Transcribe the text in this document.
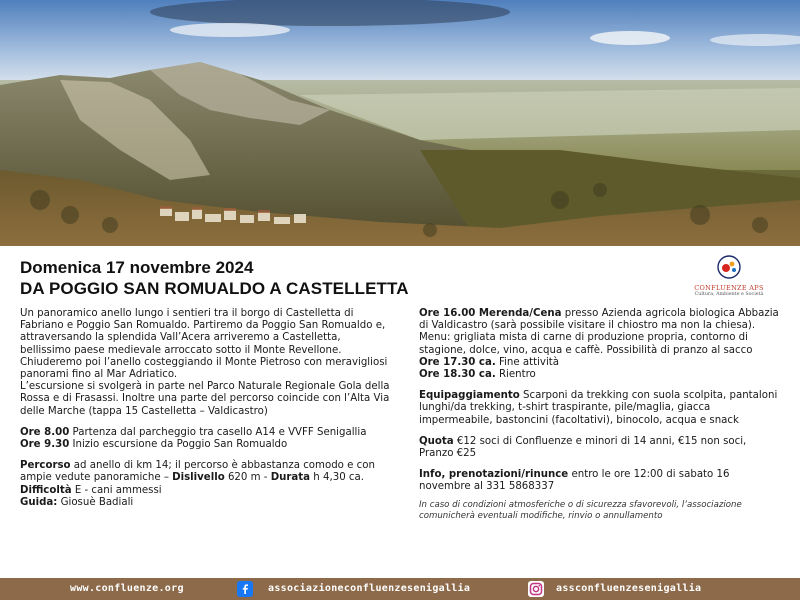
Domenica 17 novembre 2024
DA POGGIO SAN ROMUALDO A CASTELLETTA	CONFLUENZE APS
Cultura, Ambiente e Società

Un panoramico anello lungo i sentieri tra il borgo di Castelletta di Fabriano e Poggio San Romualdo. Partiremo da Poggio San Romualdo e, attraversando la splendida Vall’Acera arriveremo a Castelletta, bellissimo paese medievale arroccato sotto il Monte Revellone. Chiuderemo poi l’anello costeggiando il Monte Pietroso con meravigliosi panorami fino al Mar Adriatico.

L’escursione si svolgerà in parte nel Parco Naturale Regionale Gola della Rossa e di Frasassi. Inoltre una parte del percorso coincide con l’Alta Via delle Marche (tappa 15 Castelletta – Valdicastro)

Ore 8.00 Partenza dal parcheggio tra casello A14 e VVFF Senigallia

Ore 9.30 Inizio escursione da Poggio San Romualdo

Percorso ad anello di km 14; il percorso è abbastanza comodo e con ampie vedute panoramiche – Dislivello 620 m - Durata h 4,30 ca.

Difficoltà E - cani ammessi

Guida: Giosuè Badiali

Ore 16.00 Merenda/Cena presso Azienda agricola biologica Abbazia di Valdicastro (sarà possibile visitare il chiostro ma non la chiesa).

Menu: grigliata mista di carne di produzione propria, contorno di stagione, dolce, vino, acqua e caffè. Possibilità di pranzo al sacco

Ore 17.30 ca. Fine attività

Ore 18.30 ca. Rientro

Equipaggiamento Scarponi da trekking con suola scolpita, pantaloni lunghi/da trekking, t-shirt traspirante, pile/maglia, giacca impermeabile, bastoncini (facoltativi), binocolo, acqua e snack

Quota €12 soci di Confluenze e minori di 14 anni, €15 non soci, Pranzo €25

Info, prenotazioni/rinunce entro le ore 12:00 di sabato 16 novembre al 331 5868337

In caso di condizioni atmosferiche o di sicurezza sfavorevoli, l’associazione comunicherà eventuali modifiche, rinvio o annullamento

www.confluenze.org	associazioneconfluenzesenigallia	assconfluenzesenigallia
